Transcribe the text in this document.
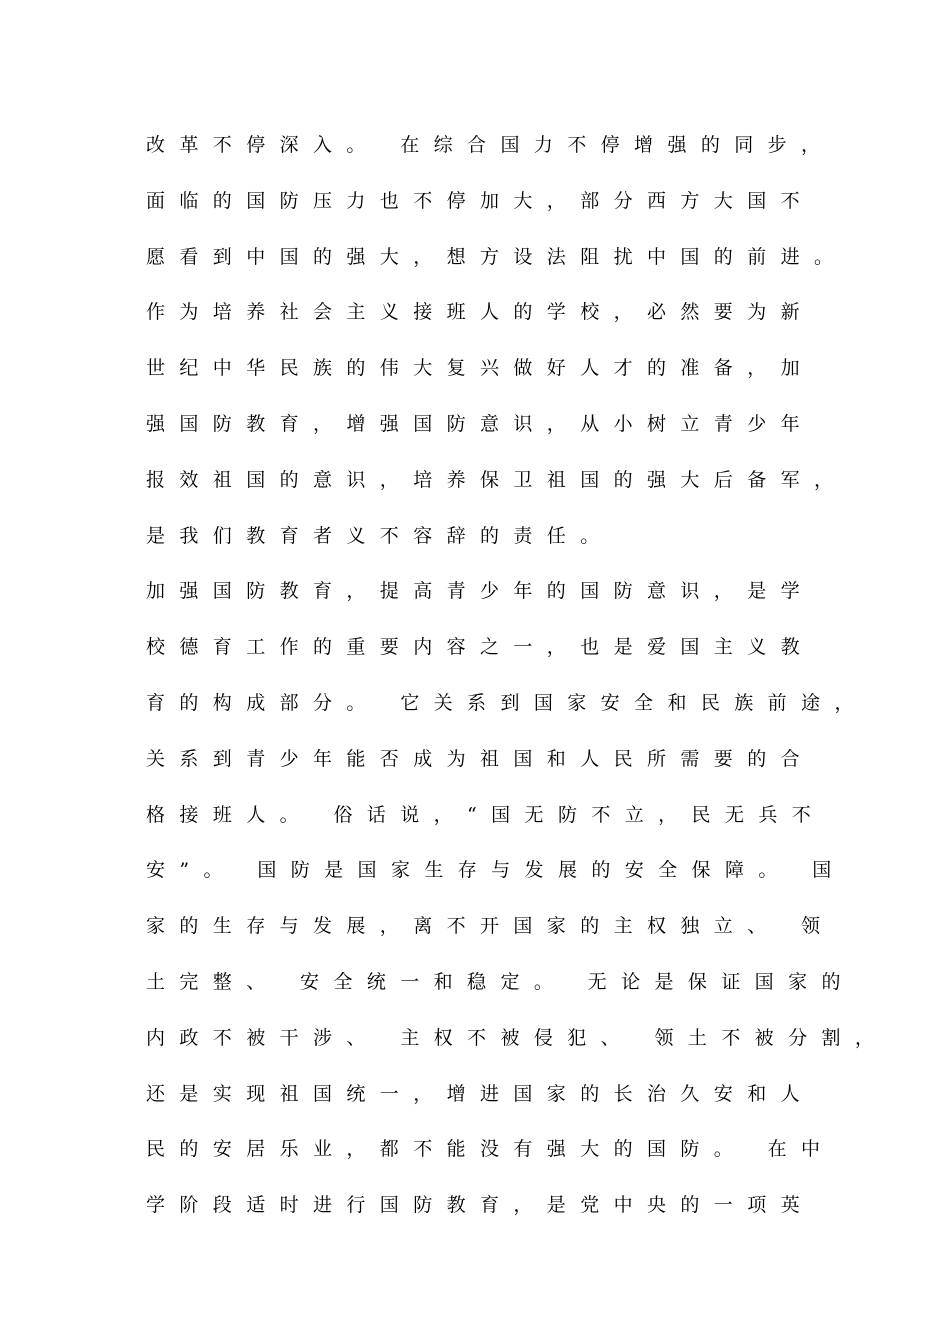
改革不停深入。 在综合国力不停增强的同步，
面临的国防压力也不停加大，部分西方大国不
愿看到中国的强大，想方设法阻扰中国的前进。
作为培养社会主义接班人的学校，必然要为新
世纪中华民族的伟大复兴做好人才的准备，加
强国防教育，增强国防意识，从小树立青少年
报效祖国的意识，培养保卫祖国的强大后备军，
是我们教育者义不容辞的责任。
加强国防教育，提高青少年的国防意识，是学
校德育工作的重要内容之一，也是爱国主义教
育的构成部分。 它关系到国家安全和民族前途，
关系到青少年能否成为祖国和人民所需要的合
格接班人。 俗话说，“国无防不立，民无兵不
安”。 国防是国家生存与发展的安全保障。 国
家的生存与发展，离不开国家的主权独立、 领
土完整、 安全统一和稳定。 无论是保证国家的
内政不被干涉、 主权不被侵犯、 领土不被分割，
还是实现祖国统一，增进国家的长治久安和人
民的安居乐业，都不能没有强大的国防。 在中
学阶段适时进行国防教育，是党中央的一项英
